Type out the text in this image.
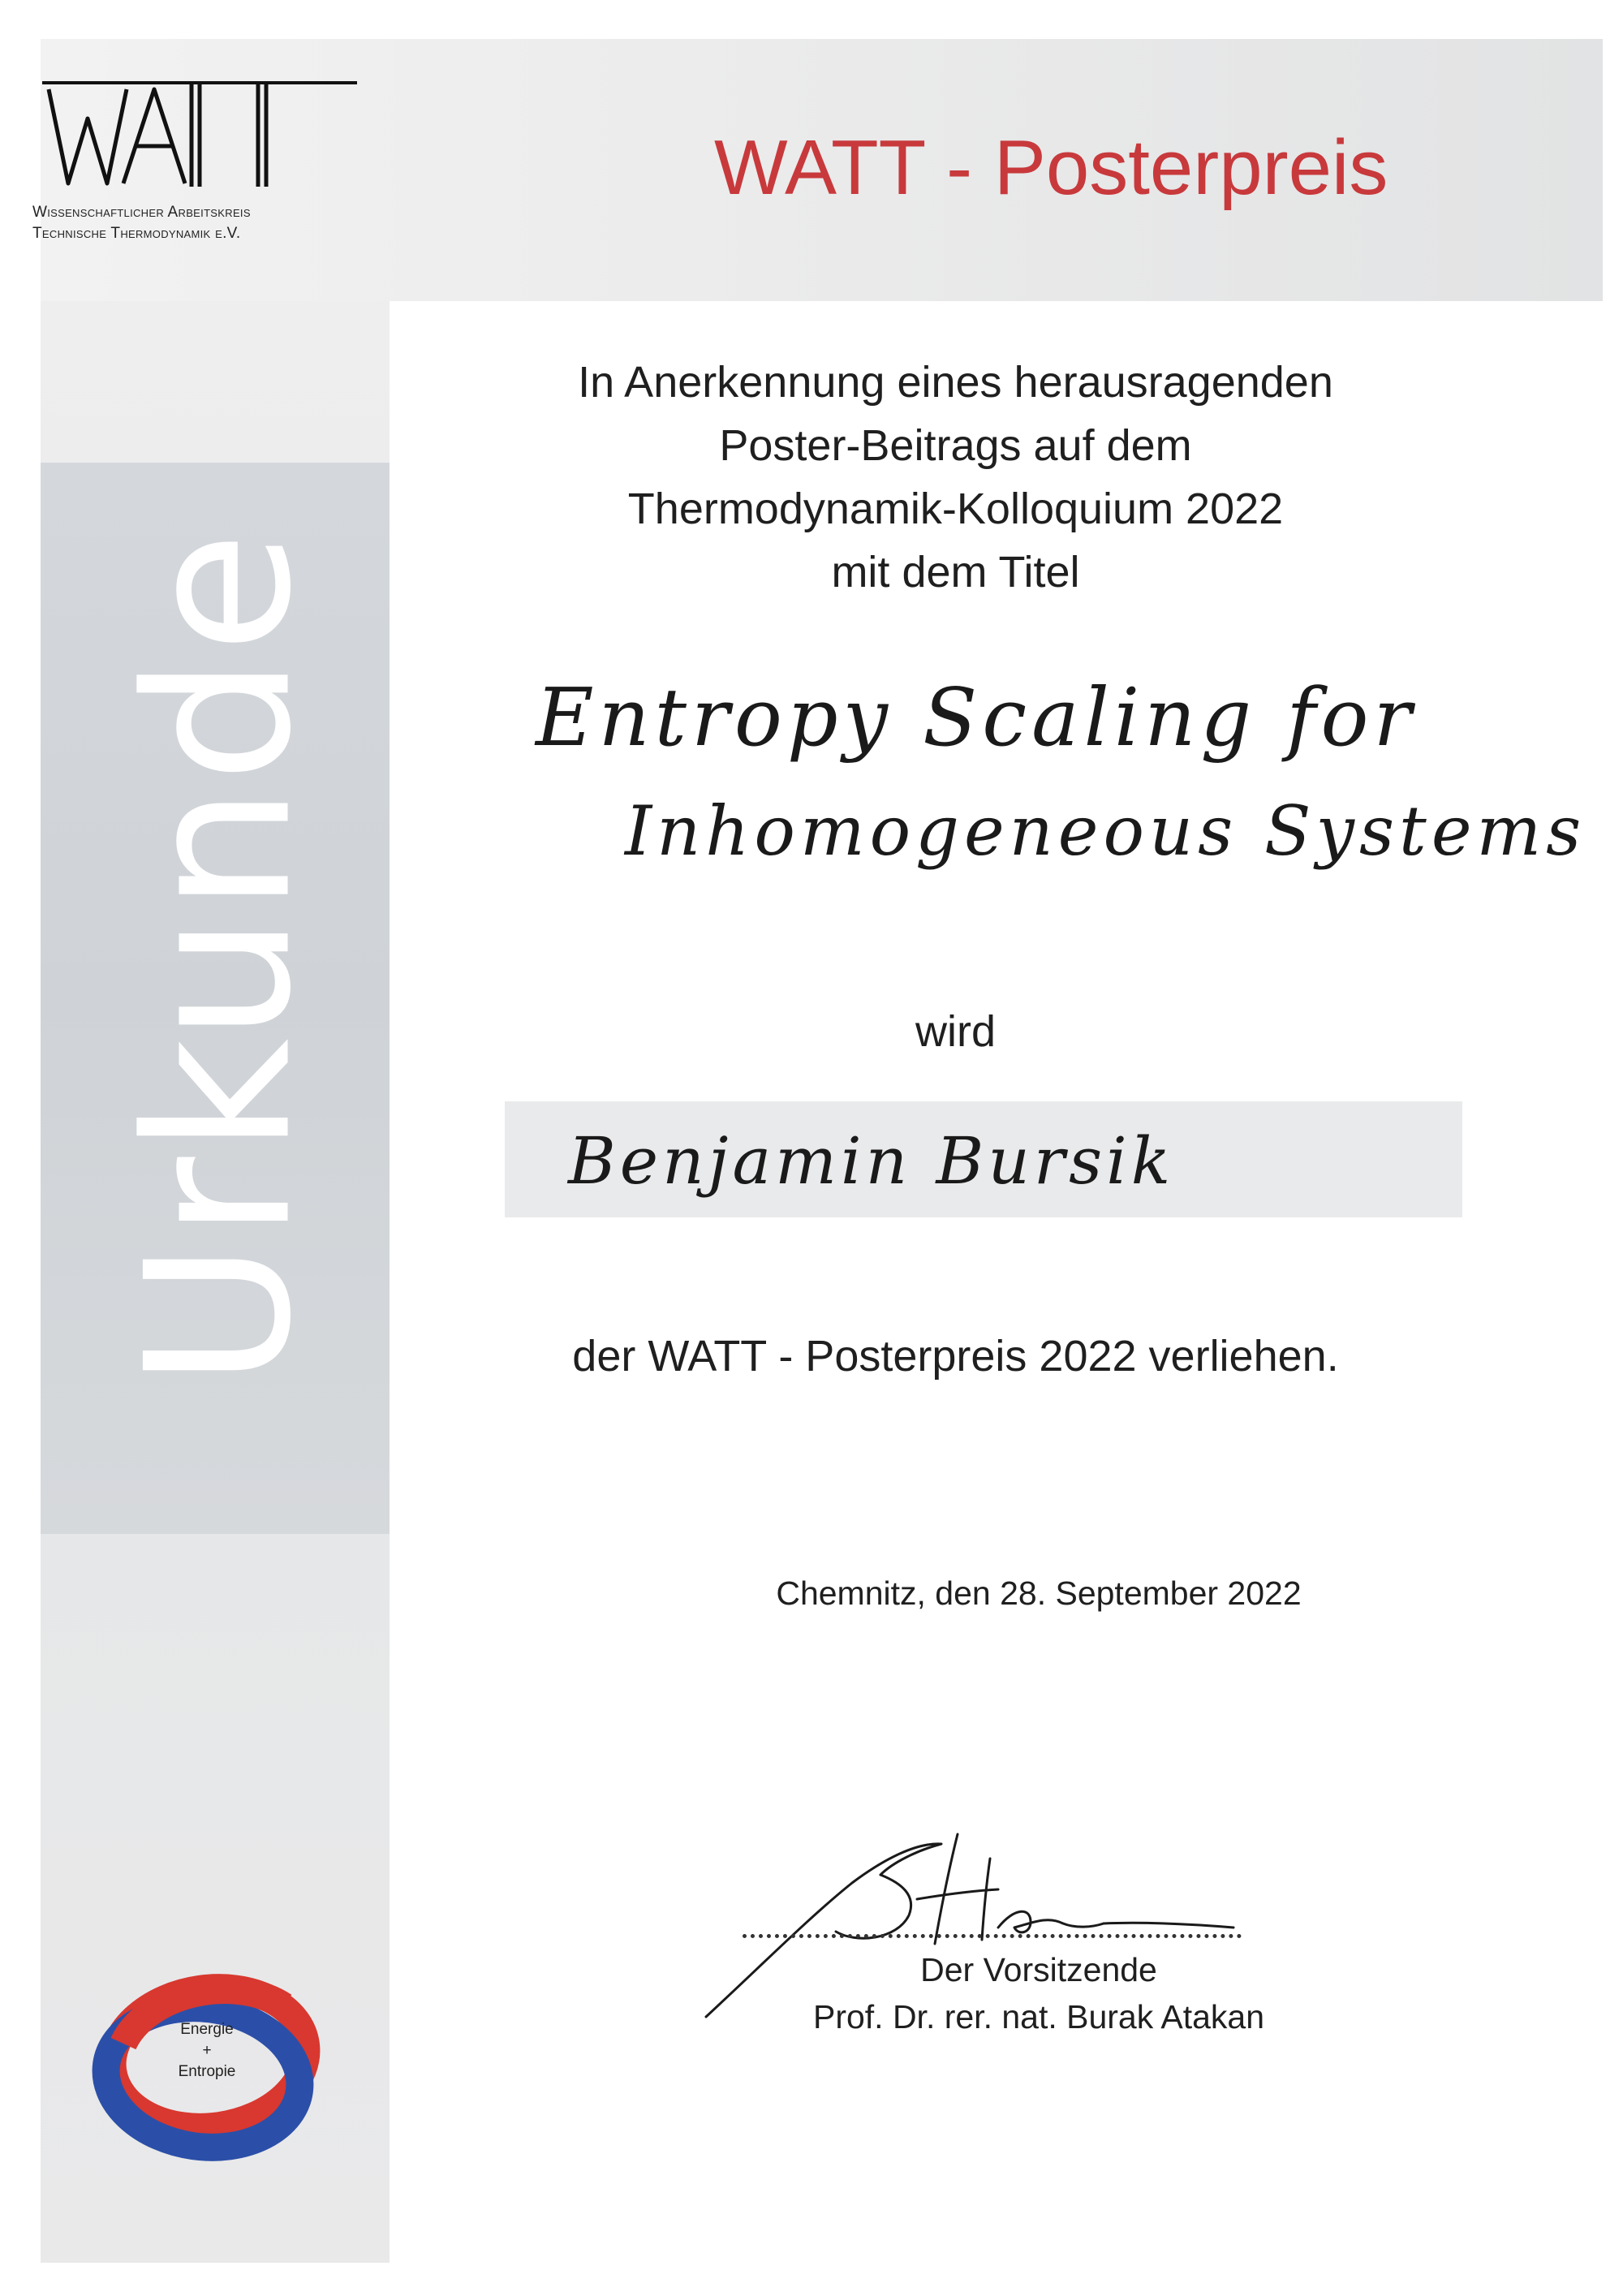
Urkunde
Wissenschaftlicher Arbeitskreis
Technische Thermodynamik e.V.
WATT - Posterpreis
In Anerkennung eines herausragenden
Poster-Beitrags auf dem
Thermodynamik-Kolloquium 2022
mit dem Titel
Entropy Scaling for
Inhomogeneous Systems
wird
Benjamin Bursik
der WATT - Posterpreis 2022 verliehen.
Chemnitz, den 28. September 2022
Der Vorsitzende
Prof. Dr. rer. nat. Burak Atakan
Energie
+
Entropie
